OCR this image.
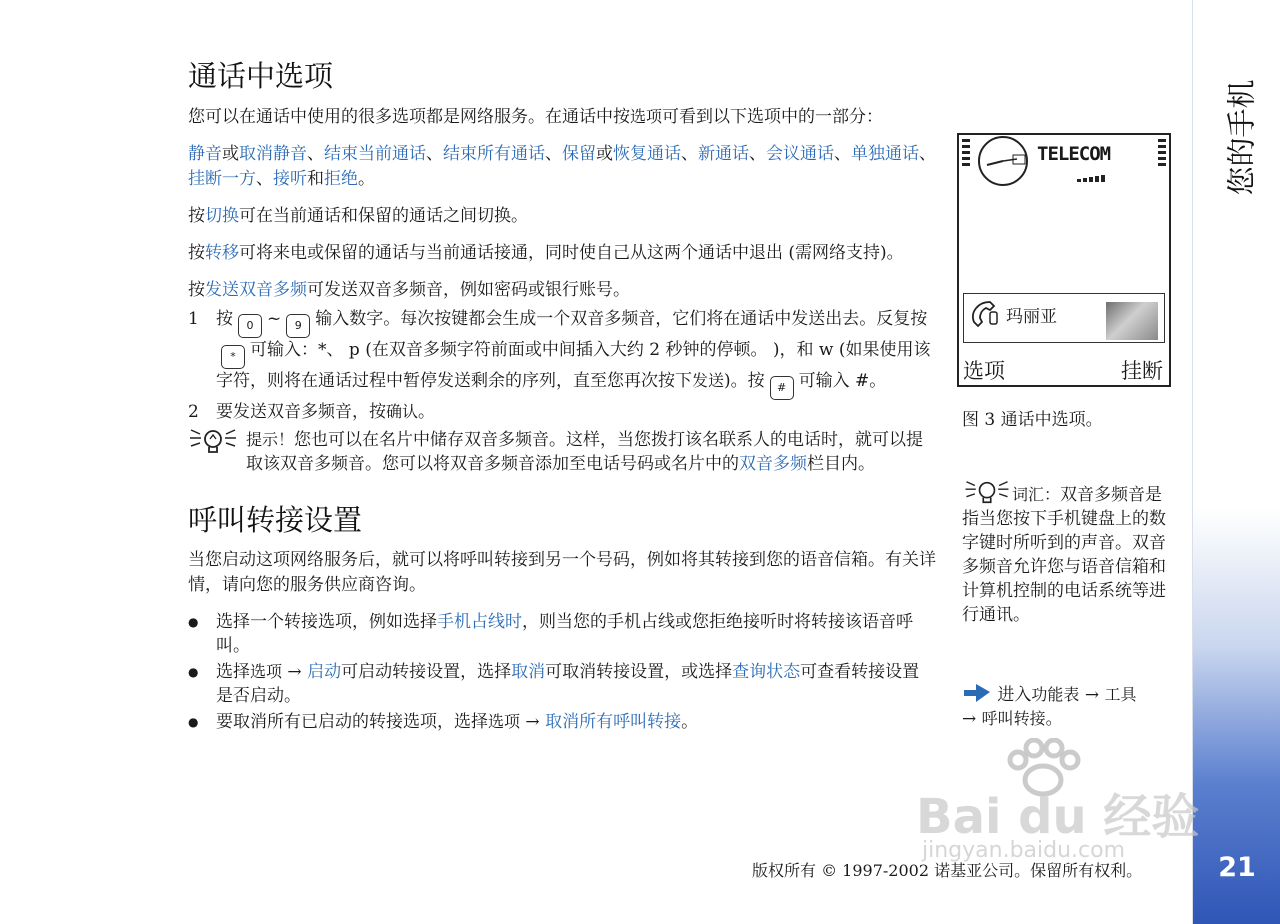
您的手机
21
通话中选项

您可以在通话中使用的很多选项都是网络服务。在通话中按选项可看到以下选项中的一部分：

静音或取消静音、结束当前通话、结束所有通话、保留或恢复通话、新通话、会议通话、单独通话、挂断一方、接听和拒绝。

按切换可在当前通话和保留的通话之间切换。

按转移可将来电或保留的通话与当前通话接通，同时使自己从这两个通话中退出 (需网络支持)。

按发送双音多频可发送双音多频音，例如密码或银行账号。

1 按 0 ~ 9 输入数字。每次按键都会生成一个双音多频音，它们将在通话中发送出去。反复按* 可输入：*、 p (在双音多频字符前面或中间插入大约 2 秒钟的停顿。 )，和 w (如果使用该字符，则将在通话过程中暂停发送剩余的序列，直至您再次按下发送)。按 # 可输入 #。
2 要发送双音多频音，按确认。
提示！您也可以在名片中储存双音多频音。这样，当您拨打该名联系人的电话时，就可以提取该双音多频音。您可以将双音多频音添加至电话号码或名片中的双音多频栏目内。
呼叫转接设置

当您启动这项网络服务后，就可以将呼叫转接到另一个号码，例如将其转接到您的语音信箱。有关详情，请向您的服务供应商咨询。

● 选择一个转接选项，例如选择手机占线时，则当您的手机占线或您拒绝接听时将转接该语音呼叫。
● 选择选项 → 启动可启动转接设置，选择取消可取消转接设置，或选择查询状态可查看转接设置是否启动。
● 要取消所有已启动的转接选项，选择选项 → 取消所有呼叫转接。
TELECOM
玛丽亚
选项	挂断
图 3 通话中选项。
词汇：双音多频音是指当您按下手机键盘上的数字键时所听到的声音。双音多频音允许您与语音信箱和计算机控制的电话系统等进行通讯。
进入功能表 → 工具
→ 呼叫转接。
Bai du 经验
jingyan.baidu.com
版权所有 © 1997-2002 诺基亚公司。保留所有权利。
